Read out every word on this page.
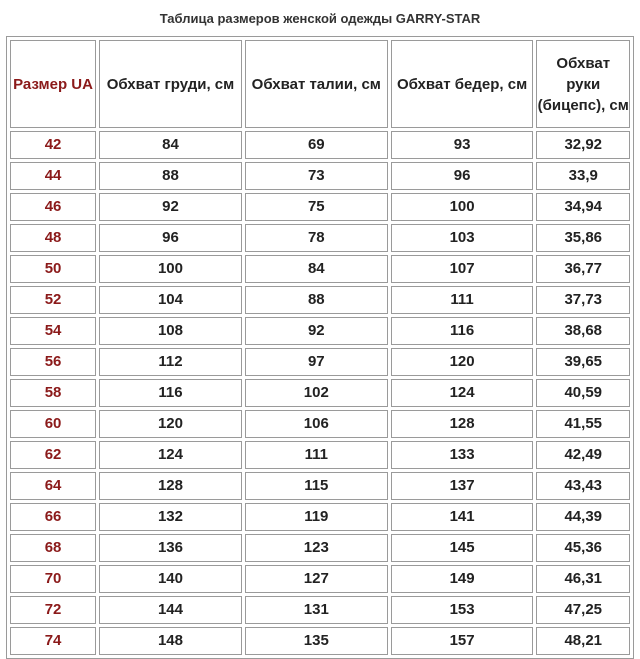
Таблица размеров женской одежды GARRY-STAR
Размер UA	Обхват груди, см	Обхват талии, см	Обхват бедер, см	Обхват руки (бицепс), см
42	84	69	93	32,92
44	88	73	96	33,9
46	92	75	100	34,94
48	96	78	103	35,86
50	100	84	107	36,77
52	104	88	111	37,73
54	108	92	116	38,68
56	112	97	120	39,65
58	116	102	124	40,59
60	120	106	128	41,55
62	124	111	133	42,49
64	128	115	137	43,43
66	132	119	141	44,39
68	136	123	145	45,36
70	140	127	149	46,31
72	144	131	153	47,25
74	148	135	157	48,21
